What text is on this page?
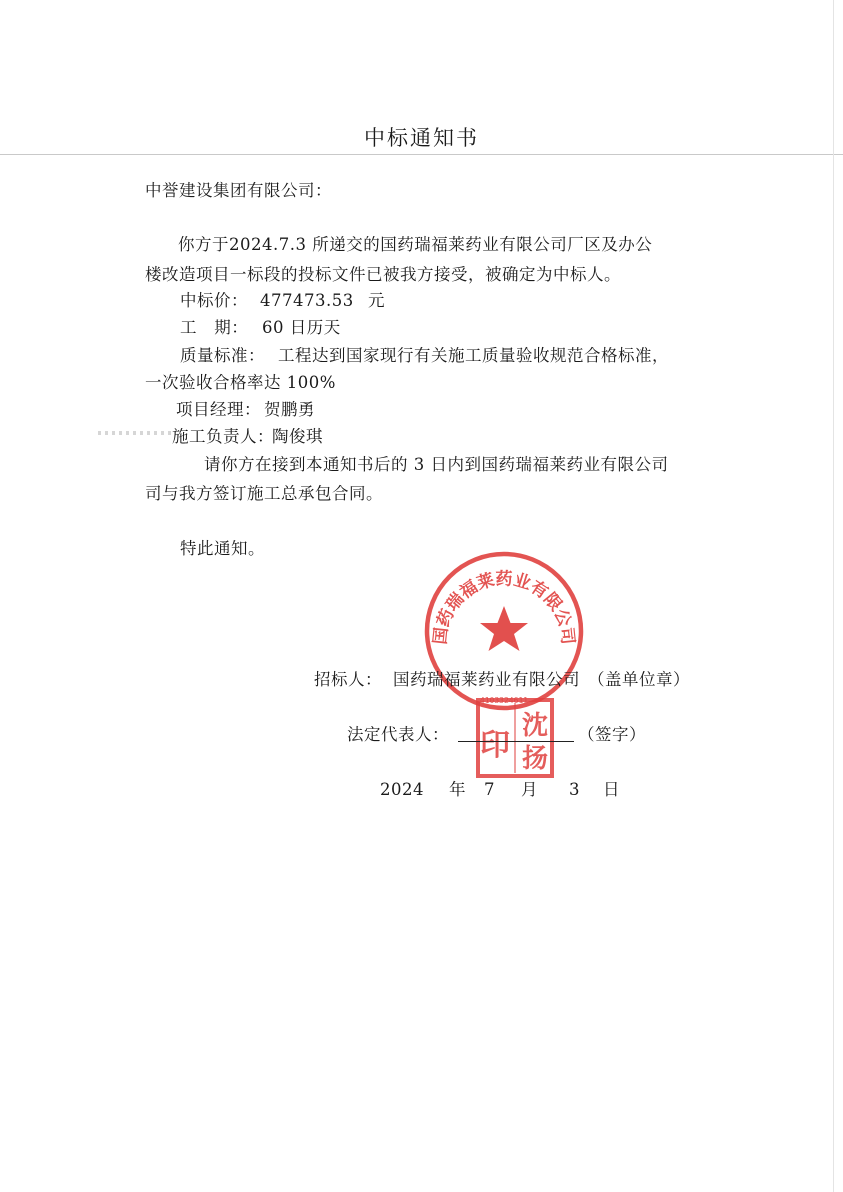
中标通知书
中誉建设集团有限公司：
你方于2024.7.3 所递交的国药瑞福莱药业有限公司厂区及办公
楼改造项目一标段的投标文件已被我方接受，被确定为中标人。
中标价： 477473.53 元
工   期： 60 日历天
质量标准： 工程达到国家现行有关施工质量验收规范合格标准，
一次验收合格率达 100%
项目经理： 贺鹏勇
施工负责人：
陶俊琪
请你方在接到本通知书后的 3 日内到国药瑞福莱药业有限公司
司与我方签订施工总承包合同。
特此通知。
国药瑞福莱药业有限公司
4103324611
招标人： 国药瑞福莱药业有限公司 （盖单位章）
印
沈
扬
法定代表人：	（签字）
2024 年 7 月 3 日
